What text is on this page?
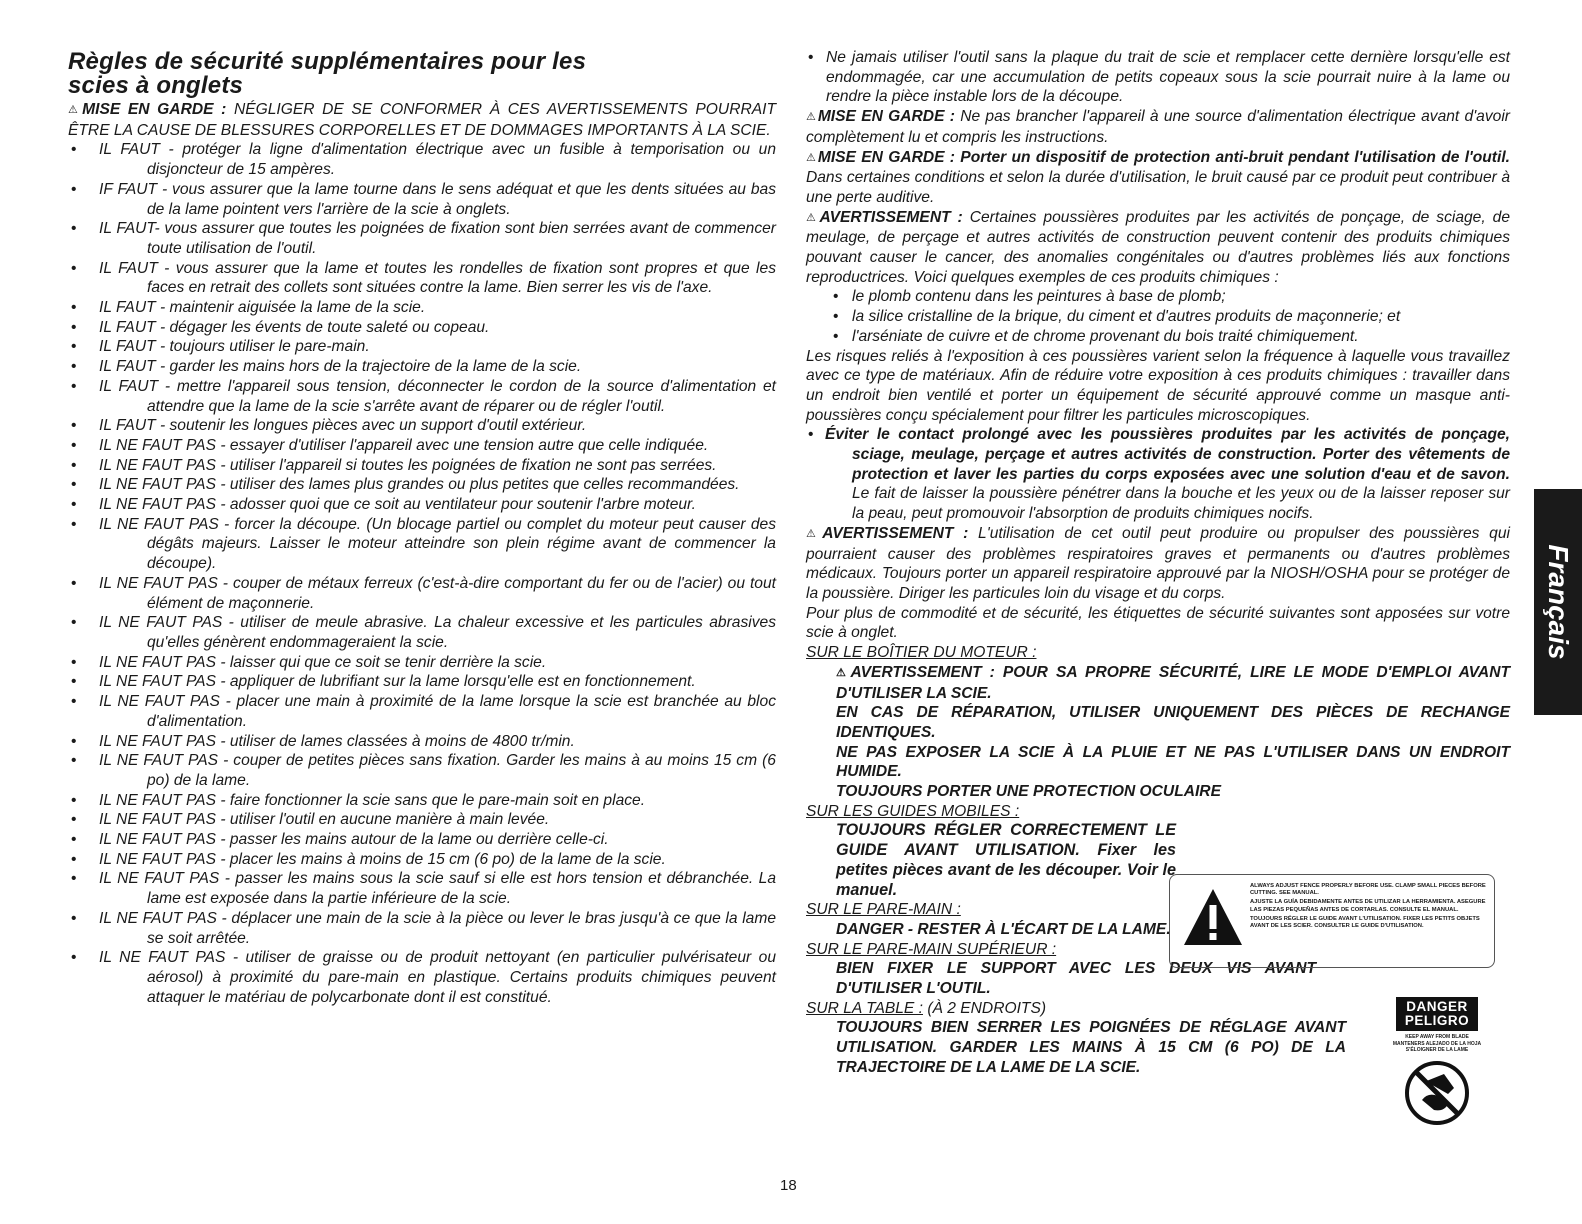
Règles de sécurité supplémentaires pour les
scies à onglets

⚠MISE EN GARDE : NÉGLIGER DE SE CONFORMER À CES AVERTISSEMENTS POURRAIT ÊTRE LA CAUSE DE BLESSURES CORPORELLES ET DE DOMMAGES IMPORTANTS À LA SCIE.

• IL FAUT - protéger la ligne d'alimentation électrique avec un fusible à temporisation ou un disjoncteur de 15 ampères.
• IF FAUT - vous assurer que la lame tourne dans le sens adéquat et que les dents situées au bas de la lame pointent vers l'arrière de la scie à onglets.
• IL FAUT- vous assurer que toutes les poignées de fixation sont bien serrées avant de commencer toute utilisation de l'outil.
• IL FAUT - vous assurer que la lame et toutes les rondelles de fixation sont propres et que les faces en retrait des collets sont situées contre la lame. Bien serrer les vis de l'axe.
• IL FAUT - maintenir aiguisée la lame de la scie.
• IL FAUT - dégager les évents de toute saleté ou copeau.
• IL FAUT - toujours utiliser le pare-main.
• IL FAUT - garder les mains hors de la trajectoire de la lame de la scie.
• IL FAUT - mettre l'appareil sous tension, déconnecter le cordon de la source d'alimentation et attendre que la lame de la scie s'arrête avant de réparer ou de régler l'outil.
• IL FAUT - soutenir les longues pièces avec un support d'outil extérieur.
• IL NE FAUT PAS - essayer d'utiliser l'appareil avec une tension autre que celle indiquée.
• IL NE FAUT PAS - utiliser l'appareil si toutes les poignées de fixation ne sont pas serrées.
• IL NE FAUT PAS - utiliser des lames plus grandes ou plus petites que celles recommandées.
• IL NE FAUT PAS - adosser quoi que ce soit au ventilateur pour soutenir l'arbre moteur.
• IL NE FAUT PAS - forcer la découpe. (Un blocage partiel ou complet du moteur peut causer des dégâts majeurs. Laisser le moteur atteindre son plein régime avant de commencer la découpe).
• IL NE FAUT PAS - couper de métaux ferreux (c'est-à-dire comportant du fer ou de l'acier) ou tout élément de maçonnerie.
• IL NE FAUT PAS - utiliser de meule abrasive. La chaleur excessive et les particules abrasives qu'elles génèrent endommageraient la scie.
• IL NE FAUT PAS - laisser qui que ce soit se tenir derrière la scie.
• IL NE FAUT PAS - appliquer de lubrifiant sur la lame lorsqu'elle est en fonctionnement.
• IL NE FAUT PAS - placer une main à proximité de la lame lorsque la scie est branchée au bloc d'alimentation.
• IL NE FAUT PAS - utiliser de lames classées à moins de 4800 tr/min.
• IL NE FAUT PAS - couper de petites pièces sans fixation. Garder les mains à au moins 15 cm (6 po) de la lame.
• IL NE FAUT PAS - faire fonctionner la scie sans que le pare-main soit en place.
• IL NE FAUT PAS - utiliser l'outil en aucune manière à main levée.
• IL NE FAUT PAS - passer les mains autour de la lame ou derrière celle-ci.
• IL NE FAUT PAS - placer les mains à moins de 15 cm (6 po) de la lame de la scie.
• IL NE FAUT PAS - passer les mains sous la scie sauf si elle est hors tension et débranchée. La lame est exposée dans la partie inférieure de la scie.
• IL NE FAUT PAS - déplacer une main de la scie à la pièce ou lever le bras jusqu'à ce que la lame se soit arrêtée.
• IL NE FAUT PAS - utiliser de graisse ou de produit nettoyant (en particulier pulvérisateur ou aérosol) à proximité du pare-main en plastique. Certains produits chimiques peuvent attaquer le matériau de polycarbonate dont il est constitué.
• Ne jamais utiliser l'outil sans la plaque du trait de scie et remplacer cette dernière lorsqu'elle est endommagée, car une accumulation de petits copeaux sous la scie pourrait nuire à la lame ou rendre la pièce instable lors de la découpe.

⚠MISE EN GARDE : Ne pas brancher l'appareil à une source d'alimentation électrique avant d'avoir complètement lu et compris les instructions.

⚠MISE EN GARDE : Porter un dispositif de protection anti-bruit pendant l'utilisation de l'outil. Dans certaines conditions et selon la durée d'utilisation, le bruit causé par ce produit peut contribuer à une perte auditive.

⚠AVERTISSEMENT : Certaines poussières produites par les activités de ponçage, de sciage, de meulage, de perçage et autres activités de construction peuvent contenir des produits chimiques pouvant causer le cancer, des anomalies congénitales ou d'autres problèmes liés aux fonctions reproductrices. Voici quelques exemples de ces produits chimiques :

• le plomb contenu dans les peintures à base de plomb;
• la silice cristalline de la brique, du ciment et d'autres produits de maçonnerie; et
• l'arséniate de cuivre et de chrome provenant du bois traité chimiquement.

Les risques reliés à l'exposition à ces poussières varient selon la fréquence à laquelle vous travaillez avec ce type de matériaux. Afin de réduire votre exposition à ces produits chimiques : travailler dans un endroit bien ventilé et porter un équipement de sécurité approuvé comme un masque anti-poussières conçu spécialement pour filtrer les particules microscopiques.

• Éviter le contact prolongé avec les poussières produites par les activités de ponçage, sciage, meulage, perçage et autres activités de construction. Porter des vêtements de protection et laver les parties du corps exposées avec une solution d'eau et de savon. Le fait de laisser la poussière pénétrer dans la bouche et les yeux ou de la laisser reposer sur la peau, peut promouvoir l'absorption de produits chimiques nocifs.

⚠AVERTISSEMENT : L'utilisation de cet outil peut produire ou propulser des poussières qui pourraient causer des problèmes respiratoires graves et permanents ou d'autres problèmes médicaux. Toujours porter un appareil respiratoire approuvé par la NIOSH/OSHA pour se protéger de la poussière. Diriger les particules loin du visage et du corps.

Pour plus de commodité et de sécurité, les étiquettes de sécurité suivantes sont apposées sur votre scie à onglet.

SUR LE BOÎTIER DU MOTEUR :

⚠AVERTISSEMENT : POUR SA PROPRE SÉCURITÉ, LIRE LE MODE D'EMPLOI AVANT D'UTILISER LA SCIE.

EN CAS DE RÉPARATION, UTILISER UNIQUEMENT DES PIÈCES DE RECHANGE IDENTIQUES.

NE PAS EXPOSER LA SCIE À LA PLUIE ET NE PAS L'UTILISER DANS UN ENDROIT HUMIDE.

TOUJOURS PORTER UNE PROTECTION OCULAIRE

SUR LES GUIDES MOBILES :

TOUJOURS RÉGLER CORRECTEMENT LE GUIDE AVANT UTILISATION. Fixer les petites pièces avant de les découper. Voir le manuel.

SUR LE PARE-MAIN :

DANGER - RESTER À L'ÉCART DE LA LAME.

SUR LE PARE-MAIN SUPÉRIEUR :

BIEN FIXER LE SUPPORT AVEC LES DEUX VIS AVANT D'UTILISER L'OUTIL.

SUR LA TABLE : (À 2 ENDROITS)

TOUJOURS BIEN SERRER LES POIGNÉES DE RÉGLAGE AVANT UTILISATION. GARDER LES MAINS À 15 CM (6 PO) DE LA TRAJECTOIRE DE LA LAME DE LA SCIE.

ALWAYS ADJUST FENCE PROPERLY BEFORE USE. CLAMP SMALL PIECES BEFORE CUTTING. SEE MANUAL.
AJUSTE LA GUÍA DEBIDAMENTE ANTES DE UTILIZAR LA HERRAMIENTA. ASEGURE LAS PIEZAS PEQUEÑAS ANTES DE CORTARLAS. CONSULTE EL MANUAL.
TOUJOURS RÉGLER LE GUIDE AVANT L'UTILISATION. FIXER LES PETITS OBJETS AVANT DE LES SCIER. CONSULTER LE GUIDE D'UTILISATION.
DANGER
PELIGRO
KEEP AWAY FROM BLADE
MANTENERS ALEJADO DE LA HOJA
S'ÉLOIGNER DE LA LAME
Français
18
